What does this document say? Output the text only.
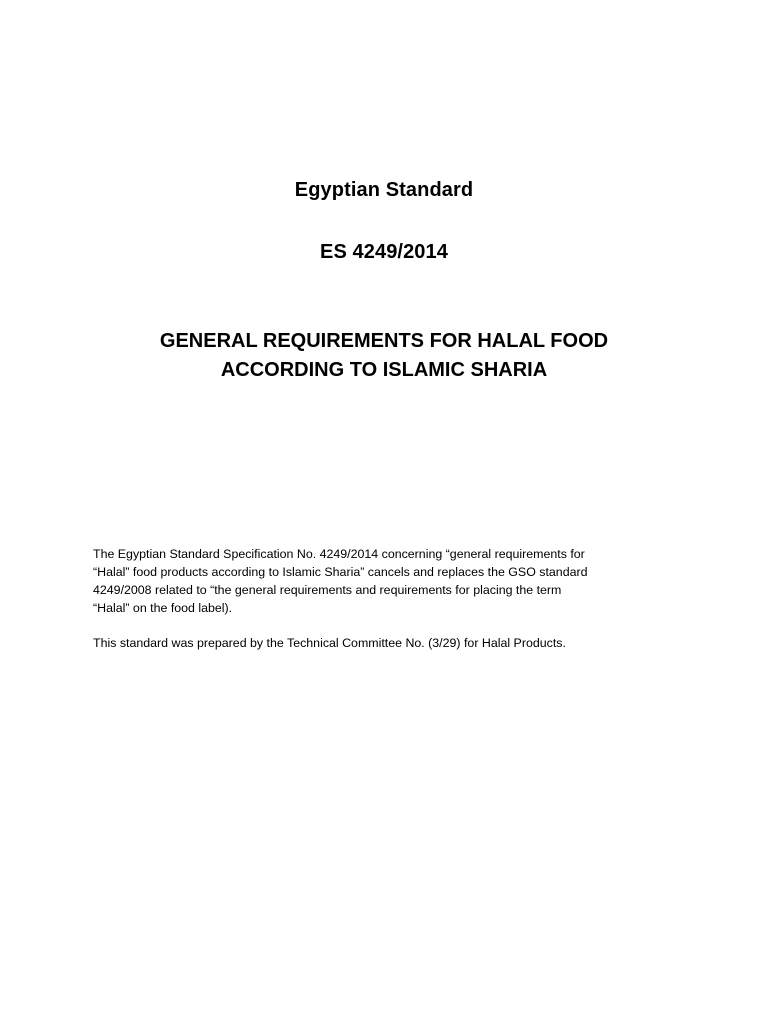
Egyptian Standard
ES 4249/2014
GENERAL REQUIREMENTS FOR HALAL FOOD
ACCORDING TO ISLAMIC SHARIA

The Egyptian Standard Specification No. 4249/2014 concerning “general requirements for
“Halal” food products according to Islamic Sharia” cancels and replaces the GSO standard
4249/2008 related to “the general requirements and requirements for placing the term
“Halal” on the food label).

This standard was prepared by the Technical Committee No. (3/29) for Halal Products.
